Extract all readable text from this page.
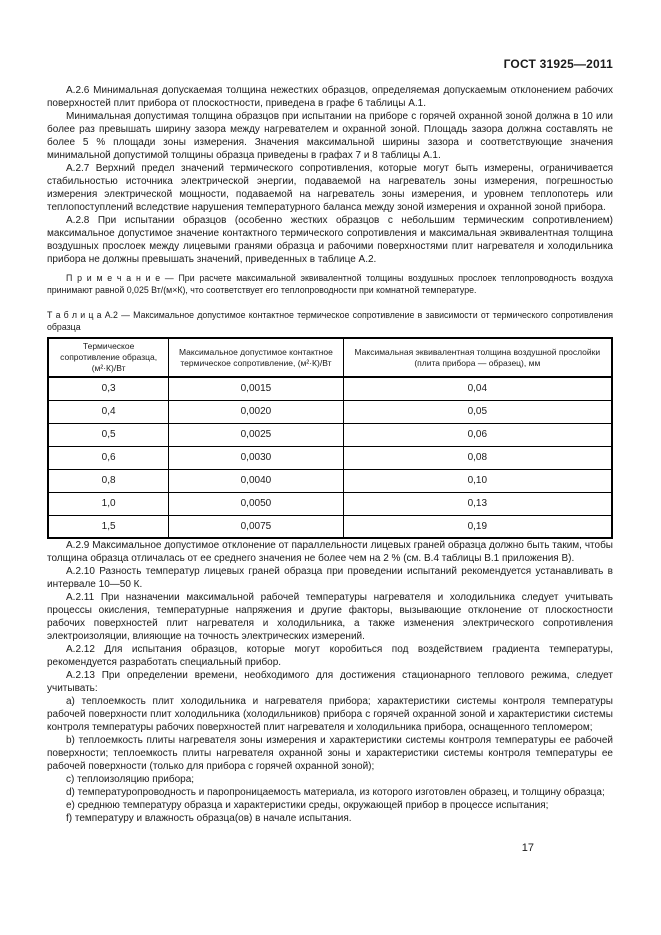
ГОСТ 31925—2011

А.2.6 Минимальная допускаемая толщина нежестких образцов, определяемая допускаемым отклонением рабочих поверхностей плит прибора от плоскостности, приведена в графе 6 таблицы А.1.

Минимальная допустимая толщина образцов при испытании на приборе с горячей охранной зоной должна в 10 или более раз превышать ширину зазора между нагревателем и охранной зоной. Площадь зазора должна составлять не более 5 % площади зоны измерения. Значения максимальной ширины зазора и соответствующие значения минимальной допустимой толщины образца приведены в графах 7 и 8 таблицы А.1.

А.2.7 Верхний предел значений термического сопротивления, которые могут быть измерены, ограничивается стабильностью источника электрической энергии, подаваемой на нагреватель зоны измерения, погрешностью измерения электрической мощности, подаваемой на нагреватель зоны измерения, и уровнем теплопотерь или теплопоступлений вследствие нарушения температурного баланса между зоной измерения и охранной зоной прибора.

А.2.8 При испытании образцов (особенно жестких образцов с небольшим термическим сопротивлением) максимальное допустимое значение контактного термического сопротивления и максимальная эквивалентная толщина воздушных прослоек между лицевыми гранями образца и рабочими поверхностями плит нагревателя и холодильника прибора не должны превышать значений, приведенных в таблице А.2.

П р и м е ч а н и е — При расчете максимальной эквивалентной толщины воздушных прослоек теплопроводность воздуха принимают равной 0,025 Вт/(м×К), что соответствует его теплопроводности при комнатной температуре.

Т а б л и ц а А.2 — Максимальное допустимое контактное термическое сопротивление в зависимости от термического сопротивления образца

Термическое сопротивление образца, (м²·К)/Вт	Максимальное допустимое контактное термическое сопротивление, (м²·К)/Вт	Максимальная эквивалентная толщина воздушной прослойки (плита прибора — образец), мм
0,3	0,0015	0,04
0,4	0,0020	0,05
0,5	0,0025	0,06
0,6	0,0030	0,08
0,8	0,0040	0,10
1,0	0,0050	0,13
1,5	0,0075	0,19

А.2.9 Максимальное допустимое отклонение от параллельности лицевых граней образца должно быть таким, чтобы толщина образца отличалась от ее среднего значения не более чем на 2 % (см. В.4 таблицы В.1 приложения В).

А.2.10 Разность температур лицевых граней образца при проведении испытаний рекомендуется устанавливать в интервале 10—50 К.

А.2.11 При назначении максимальной рабочей температуры нагревателя и холодильника следует учитывать процессы окисления, температурные напряжения и другие факторы, вызывающие отклонение от плоскостности рабочих поверхностей плит нагревателя и холодильника, а также изменения электрического сопротивления электроизоляции, влияющие на точность электрических измерений.

А.2.12 Для испытания образцов, которые могут коробиться под воздействием градиента температуры, рекомендуется разработать специальный прибор.

А.2.13 При определении времени, необходимого для достижения стационарного теплового режима, следует учитывать:

a) теплоемкость плит холодильника и нагревателя прибора; характеристики системы контроля температуры рабочей поверхности плит холодильника (холодильников) прибора с горячей охранной зоной и характеристики системы контроля температуры рабочих поверхностей плит нагревателя и холодильника прибора, оснащенного тепломером;

b) теплоемкость плиты нагревателя зоны измерения и характеристики системы контроля температуры ее рабочей поверхности; теплоемкость плиты нагревателя охранной зоны и характеристики системы контроля температуры ее рабочей поверхности (только для прибора с горячей охранной зоной);

c) теплоизоляцию прибора;

d) температуропроводность и паропроницаемость материала, из которого изготовлен образец, и толщину образца;

e) среднюю температуру образца и характеристики среды, окружающей прибор в процессе испытания;

f) температуру и влажность образца(ов) в начале испытания.

17
